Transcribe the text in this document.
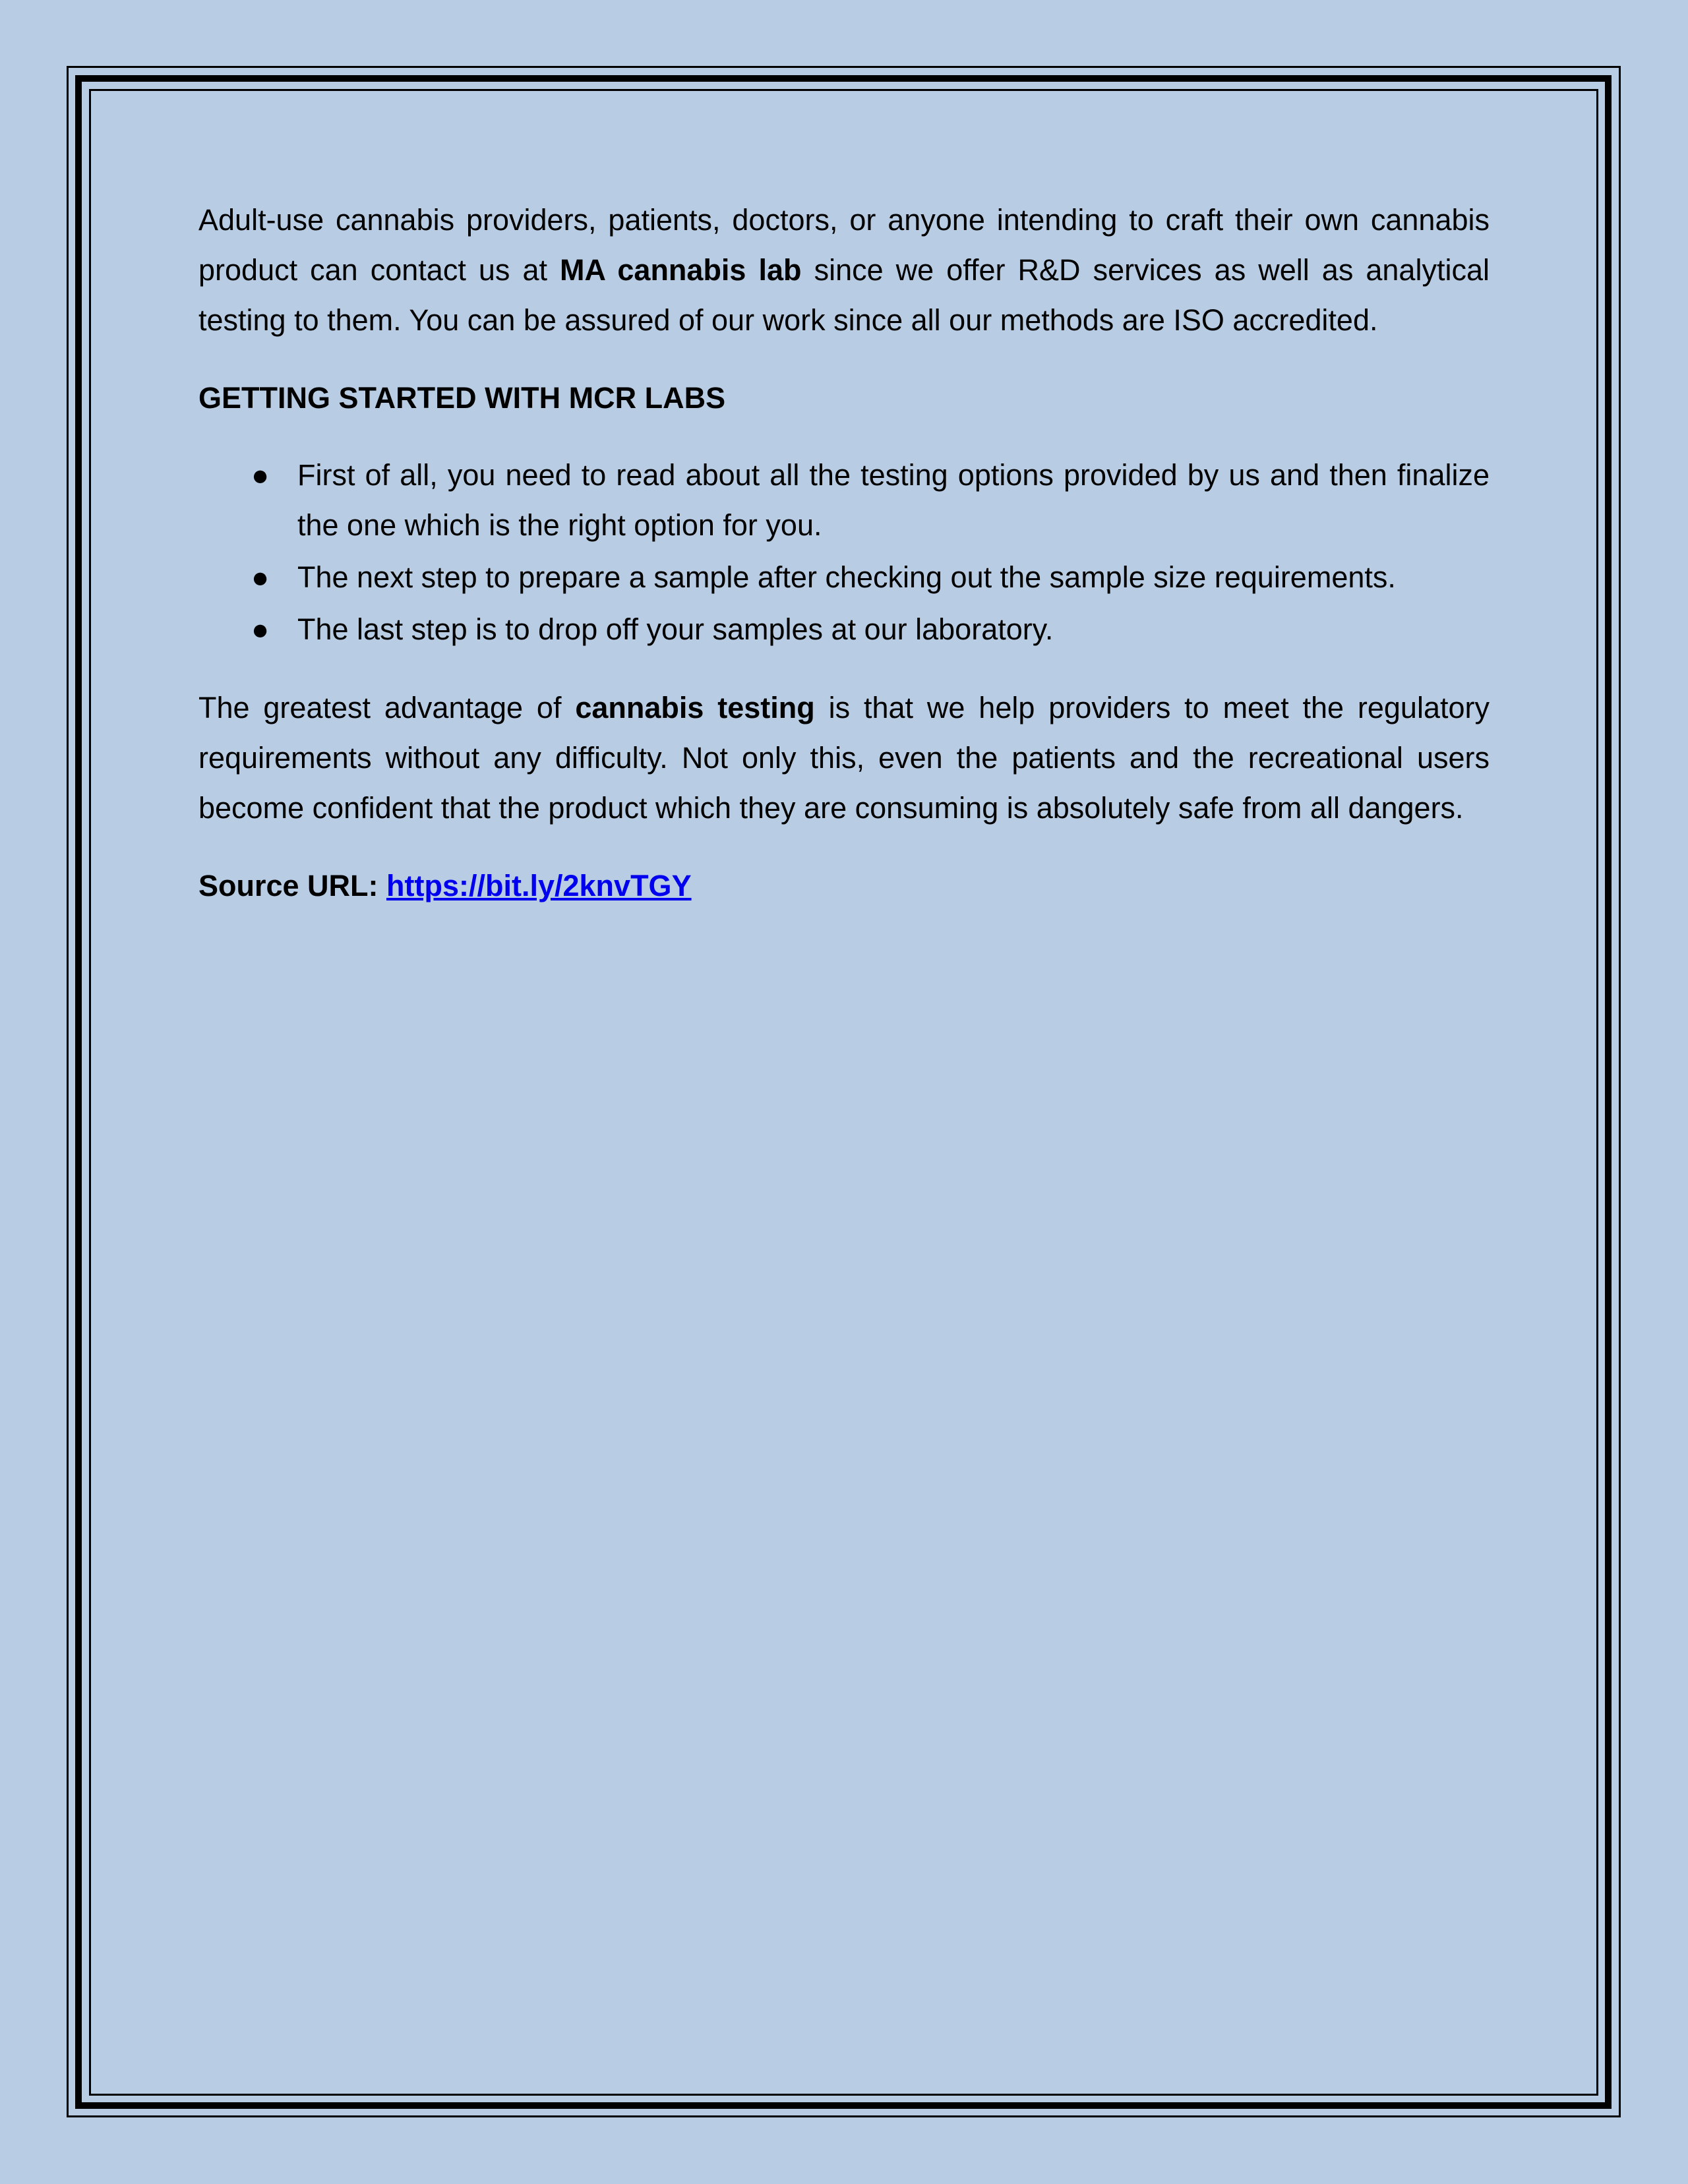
Adult-use cannabis providers, patients, doctors, or anyone intending to craft their own cannabis product can contact us at MA cannabis lab since we offer R&D services as well as analytical testing to them. You can be assured of our work since all our methods are ISO accredited.

GETTING STARTED WITH MCR LABS

● First of all, you need to read about all the testing options provided by us and then finalize the one which is the right option for you.
● The next step to prepare a sample after checking out the sample size requirements.
● The last step is to drop off your samples at our laboratory.

The greatest advantage of cannabis testing is that we help providers to meet the regulatory requirements without any difficulty. Not only this, even the patients and the recreational users become confident that the product which they are consuming is absolutely safe from all dangers.

Source URL: https://bit.ly/2knvTGY
